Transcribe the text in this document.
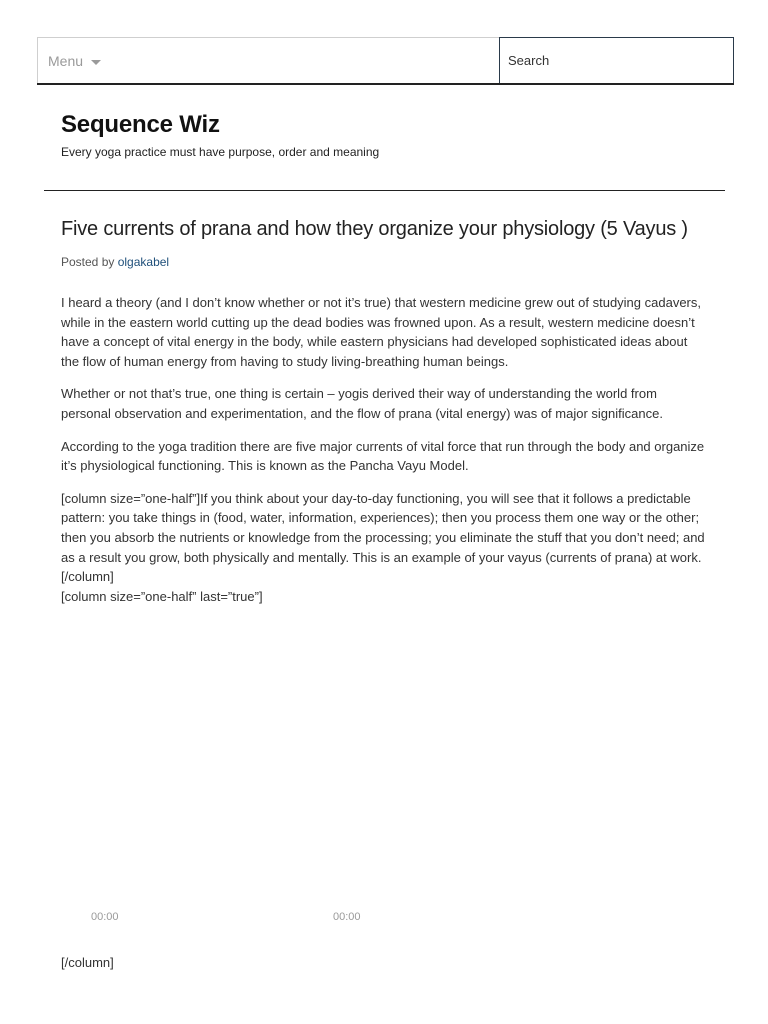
Menu
Search
Sequence Wiz

Every yoga practice must have purpose, order and meaning

Five currents of prana and how they organize your physiology (5 Vayus )
Posted by olgakabel

I heard a theory (and I don’t know whether or not it’s true) that western medicine grew out of studying cadavers, while in the eastern world cutting up the dead bodies was frowned upon. As a result, western medicine doesn’t have a concept of vital energy in the body, while eastern physicians had developed sophisticated ideas about the flow of human energy from having to study living-breathing human beings.

Whether or not that’s true, one thing is certain – yogis derived their way of understanding the world from personal observation and experimentation, and the flow of prana (vital energy) was of major significance.

According to the yoga tradition there are five major currents of vital force that run through the body and organize it’s physiological functioning. This is known as the Pancha Vayu Model.

[column size=”one-half”]If you think about your day-to-day functioning, you will see that it follows a predictable pattern: you take things in (food, water, information, experiences); then you process them one way or the other; then you absorb the nutrients or knowledge from the processing; you eliminate the stuff that you don’t need; and as a result you grow, both physically and mentally. This is an example of your vayus (currents of prana) at work.[/column]

[column size=”one-half” last=”true”]

00:00	00:00
[/column]
